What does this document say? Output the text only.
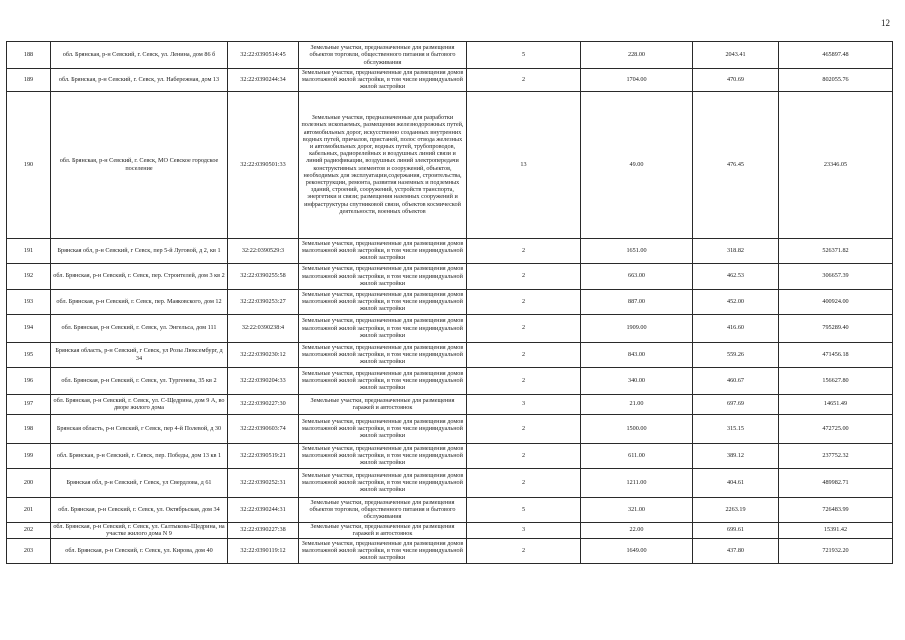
12
188	обл. Брянская, р-н Севский, г. Севск, ул. Ленина, дом 86 б	32:22:0390514:45	Земельные участки, предназначенные для размещения объектов торговли, общественного питания и бытового обслуживания	5	228.00	2043.41	465897.48
189	обл. Брянская, р-н Севский, г. Севск, ул. Набережная, дом 13	32:22:0390244:34	Земельные участки, предназначенные для размещения домов малоэтажной жилой застройки, в том числе индивидуальной жилой застройки	2	1704.00	470.69	802055.76
190	обл. Брянская, р-н Севский, г. Севск, МО Севское городское поселение	32:22:0390501:33	Земельные участки, предназначенные для разработки полезных ископаемых, размещения железнодорожных путей, автомобильных дорог, искусственно созданных внутренних водных путей, причалов, пристаней, полос отвода железных и автомобильных дорог, водных путей, трубопроводов, кабельных, радиорелейных и воздушных линий связи и линий радиофикации, воздушных линий электропередачи конструктивных элементов и сооружений, объектов, необходимых для эксплуатации,содержания, строительства, реконструкции, ремонта, развития наземных и подземных зданий, строений, сооружений, устройств транспорта, энергетики и связи; размещения наземных сооружений и инфраструктуры спутниковой связи, объектов космической деятельности, военных объектов	13	49.00	476.45	23346.05
191	Брянская обл, р-н Севский, г Севск, пер 5-й Луговой, д 2, кв 1	32:22:0390529:3	Земельные участки, предназначенные для размещения домов малоэтажной жилой застройки, в том числе индивидуальной жилой застройки	2	1651.00	318.82	526371.82
192	обл. Брянская, р-н Севский, г. Севск, пер. Строителей, дом 3 кв 2	32:22:0390255:58	Земельные участки, предназначенные для размещения домов малоэтажной жилой застройки, в том числе индивидуальной жилой застройки	2	663.00	462.53	306657.39
193	обл. Брянская, р-н Севский, г. Севск, пер. Маяковского, дом 12	32:22:0390253:27	Земельные участки, предназначенные для размещения домов малоэтажной жилой застройки, в том числе индивидуальной жилой застройки	2	887.00	452.00	400924.00
194	обл. Брянская, р-н Севский, г. Севск, ул. Энгельса, дом 111	32:22:0390238:4	Земельные участки, предназначенные для размещения домов малоэтажной жилой застройки, в том числе индивидуальной жилой застройки	2	1909.00	416.60	795289.40
195	Брянская область, р-н Севский, г Севск, ул Розы Люксембург, д 34	32:22:0390230:12	Земельные участки, предназначенные для размещения домов малоэтажной жилой застройки, в том числе индивидуальной жилой застройки	2	843.00	559.26	471456.18
196	обл. Брянская, р-н Севский, г. Севск, ул. Тургенева, 35 кв 2	32:22:0390204:33	Земельные участки, предназначенные для размещения домов малоэтажной жилой застройки, в том числе индивидуальной жилой застройки	2	340.00	460.67	156627.80
197	обл. Брянская, р-н Севский, г. Севск, ул. С-Щедрина, дом 9 А, во дворе жилого дома	32:22:0390227:30	Земельные участки, предназначенные для размещения гаражей и автостоянок	3	21.00	697.69	14651.49
198	Брянская область, р-н Севский, г Севск, пер 4-й Полевой, д 30	32:22:0390603:74	Земельные участки, предназначенные для размещения домов малоэтажной жилой застройки, в том числе индивидуальной жилой застройки	2	1500.00	315.15	472725.00
199	обл. Брянская, р-н Севский, г. Севск, пер. Победы, дом 13 кв 1	32:22:0390519:21	Земельные участки, предназначенные для размещения домов малоэтажной жилой застройки, в том числе индивидуальной жилой застройки	2	611.00	389.12	237752.32
200	Брянская обл, р-н Севский, г Севск, ул Свердлова, д 61	32:22:0390252:31	Земельные участки, предназначенные для размещения домов малоэтажной жилой застройки, в том числе индивидуальной жилой застройки	2	1211.00	404.61	489982.71
201	обл. Брянская, р-н Севский, г. Севск, ул. Октябрьская, дом 34	32:22:0390244:31	Земельные участки, предназначенные для размещения объектов торговли, общественного питания и бытового обслуживания	5	321.00	2263.19	726483.99
202	обл. Брянская, р-н Севский, г. Севск, ул. Салтыкова-Щедрина, на участке жилого дома N 9	32:22:0390227:38	Земельные участки, предназначенные для размещения гаражей и автостоянок	3	22.00	699.61	15391.42
203	обл. Брянская, р-н Севский, г. Севск, ул. Кирова, дом 40	32:22:0390119:12	Земельные участки, предназначенные для размещения домов малоэтажной жилой застройки, в том числе индивидуальной жилой застройки	2	1649.00	437.80	721932.20
